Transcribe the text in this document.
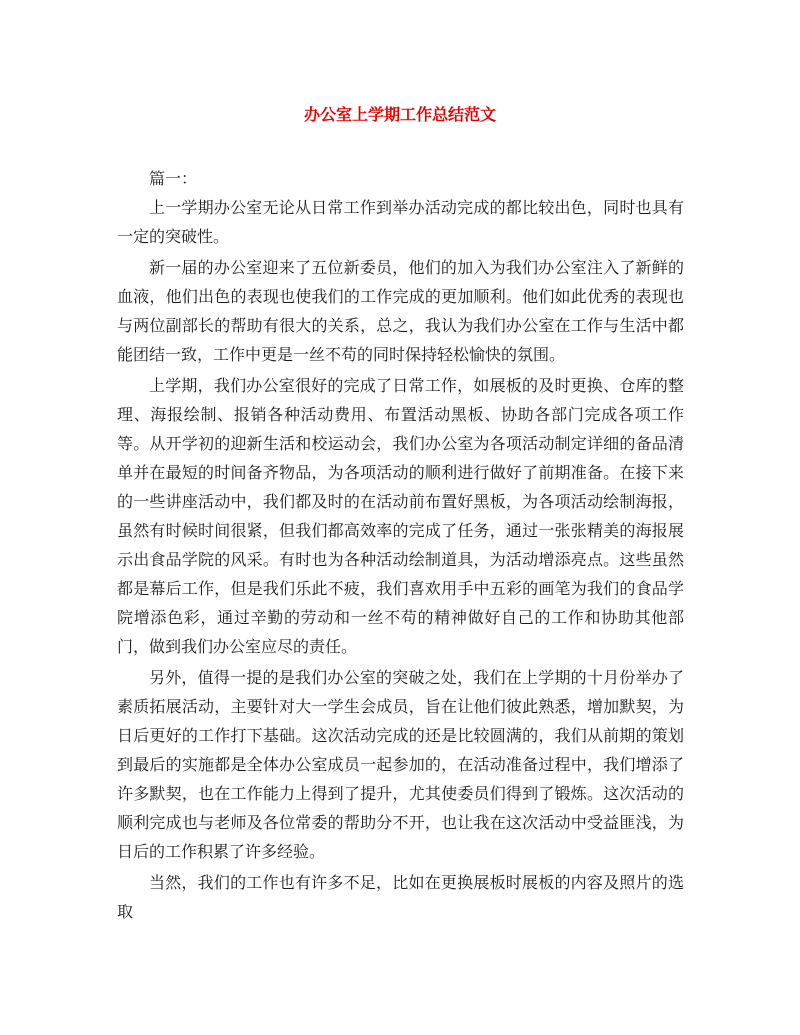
办公室上学期工作总结范文

篇一：

上一学期办公室无论从日常工作到举办活动完成的都比较出色，同时也具有一定的突破性。

新一届的办公室迎来了五位新委员，他们的加入为我们办公室注入了新鲜的血液，他们出色的表现也使我们的工作完成的更加顺利。他们如此优秀的表现也与两位副部长的帮助有很大的关系，总之，我认为我们办公室在工作与生活中都能团结一致，工作中更是一丝不苟的同时保持轻松愉快的氛围。

上学期，我们办公室很好的完成了日常工作，如展板的及时更换、仓库的整理、海报绘制、报销各种活动费用、布置活动黑板、协助各部门完成各项工作等。从开学初的迎新生活和校运动会，我们办公室为各项活动制定详细的备品清单并在最短的时间备齐物品，为各项活动的顺利进行做好了前期准备。在接下来的一些讲座活动中，我们都及时的在活动前布置好黑板，为各项活动绘制海报，虽然有时候时间很紧，但我们都高效率的完成了任务，通过一张张精美的海报展示出食品学院的风采。有时也为各种活动绘制道具，为活动增添亮点。这些虽然都是幕后工作，但是我们乐此不疲，我们喜欢用手中五彩的画笔为我们的食品学院增添色彩，通过辛勤的劳动和一丝不苟的精神做好自己的工作和协助其他部门，做到我们办公室应尽的责任。

另外，值得一提的是我们办公室的突破之处，我们在上学期的十月份举办了素质拓展活动，主要针对大一学生会成员，旨在让他们彼此熟悉，增加默契，为日后更好的工作打下基础。这次活动完成的还是比较圆满的，我们从前期的策划到最后的实施都是全体办公室成员一起参加的，在活动准备过程中，我们增添了许多默契，也在工作能力上得到了提升，尤其使委员们得到了锻炼。这次活动的顺利完成也与老师及各位常委的帮助分不开，也让我在这次活动中受益匪浅，为日后的工作积累了许多经验。

当然，我们的工作也有许多不足，比如在更换展板时展板的内容及照片的选取
